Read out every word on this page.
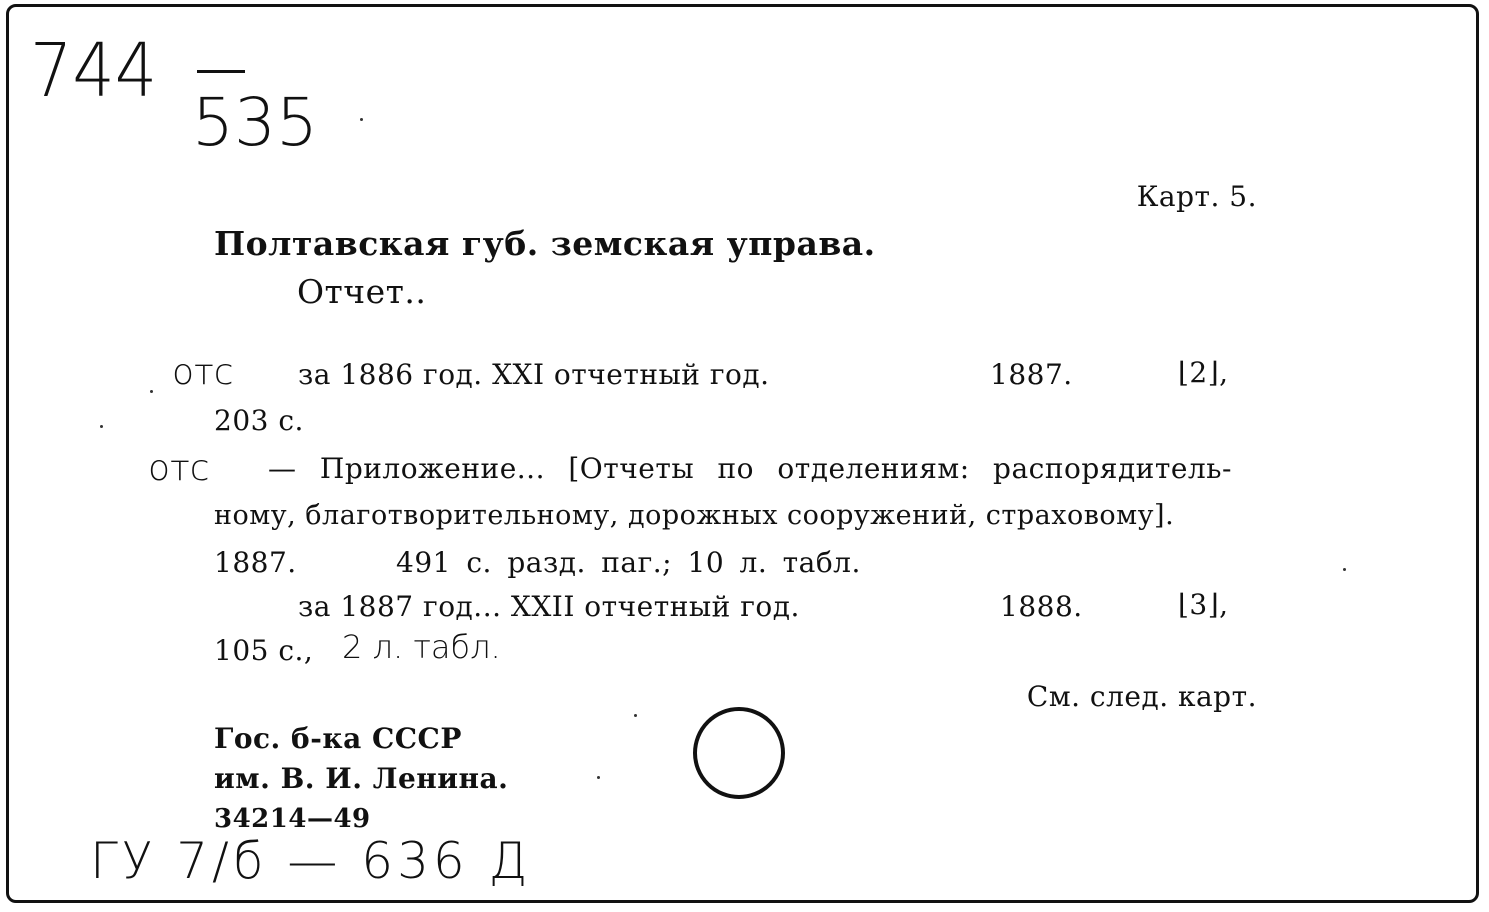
744
535
Карт. 5.
Полтавская губ. земская управа.
Отчет..
отс за 1886 год. XXI отчетный год.	1887.	⌊2⌋,
203 с.
отс — Приложение... [Отчеты по отделениям: распорядитель-
ному, благотворительному, дорожных сооружений, страховому].
1887.	491 с. разд. паг.; 10 л. табл.
за 1887 год... XXII отчетный год.	1888.	⌊3⌋,
105 с., 2 л. табл.
См. след. карт.
Гос. б-ка СССР
им. В. И. Ленина.
34214—49
ГУ 7/б — 636 Д
